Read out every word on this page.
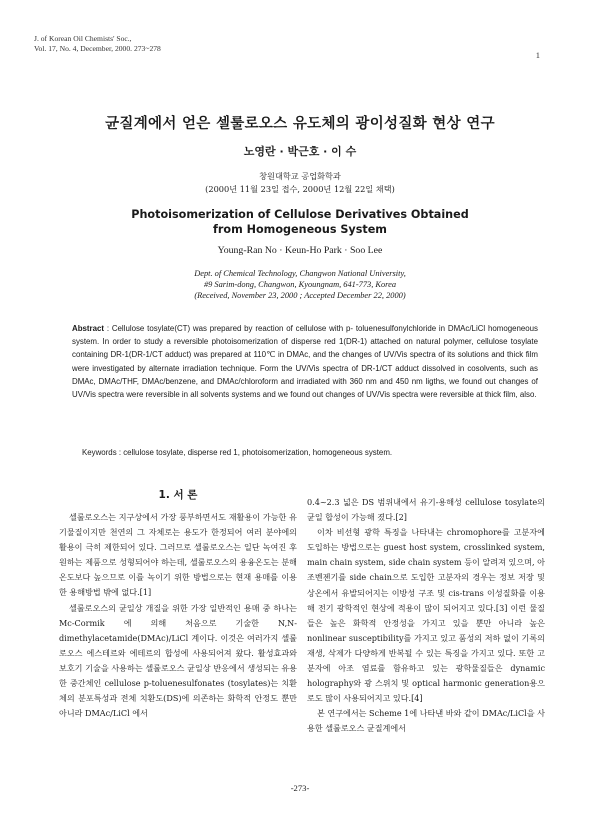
J. of Korean Oil Chemists' Soc.,
Vol. 17, No. 4, December, 2000. 273~278
1
균질계에서 얻은 셀룰로오스 유도체의 광이성질화 현상 연구
노영란 · 박근호 · 이 수
창원대학교 공업화학과
(2000년 11월 23일 접수, 2000년 12월 22일 채택)
Photoisomerization of Cellulose Derivatives Obtained
from Homogeneous System
Young-Ran No · Keun-Ho Park · Soo Lee
Dept. of Chemical Technology, Changwon National University,
#9 Sarim-dong, Changwon, Kyoungnam, 641-773, Korea
(Received, November 23, 2000 ; Accepted December 22, 2000)
Abstract : Cellulose tosylate(CT) was prepared by reaction of cellulose with p- toluenesulfonylchloride in DMAc/LiCl homogeneous system. In order to study a reversible photoisomerization of disperse red 1(DR-1) attached on natural polymer, cellulose tosylate containing DR-1(DR-1/CT adduct) was prepared at 110℃ in DMAc, and the changes of UV/Vis spectra of its solutions and thick film were investigated by alternate irradiation technique. Form the UV/Vis spectra of DR-1/CT adduct dissolved in cosolvents, such as DMAc, DMAc/THF, DMAc/benzene, and DMAc/chloroform and irradiated with 360 nm and 450 nm ligths, we found out changes of UV/Vis spectra were reversible in all solvents systems and we found out changes of UV/Vis spectra were reversible at thick film, also.
Keywords : cellulose tosylate, disperse red 1, photoisomerization, homogeneous system.
1. 서 론

셀룰로오스는 지구상에서 가장 풍부하면서도 재활용이 가능한 유기물질이지만 천연의 그 자체로는 용도가 한정되어 여러 분야에의 활용이 극히 제한되어 있다. 그러므로 셀룰로오스는 일단 녹여진 후 원하는 제품으로 성형되어야 하는데, 셀룰로오스의 용융온도는 분해온도보다 높으므로 이를 녹이기 위한 방법으로는 현재 용매를 이용한 용해방법 밖에 없다.[1]

셀룰로오스의 균일상 개질을 위한 가장 일반적인 용매 중 하나는 Mc-Cormik 에 의해 처음으로 기술한 N,N-dimethylacetamide(DMAc)/LiCl 계이다. 이것은 여러가지 셀룰로오스 에스테르와 에테르의 합성에 사용되어져 왔다. 활성효과와 보호기 기술을 사용하는 셀룰로오스 균일상 반응에서 생성되는 유용한 중간체인 cellulose p-toluenesulfonates (tosylates)는 치환체의 분포특성과 전체 치환도(DS)에 의존하는 화학적 안정도 뿐만 아니라 DMAc/LiCl 에서

0.4~2.3 넓은 DS 범위내에서 유기-용해성 cellulose tosylate의 균일 합성이 가능해 졌다.[2]

이차 비선형 광학 특징을 나타내는 chromophore를 고분자에 도입하는 방법으로는 guest host system, crosslinked system, main chain system, side chain system 등이 알려져 있으며, 아조벤젠기를 side chain으로 도입한 고분자의 경우는 정보 저장 및 상온에서 유발되어지는 이방성 구조 및 cis-trans 이성질화를 이용해 전기 광학적인 현상에 적용이 많이 되어지고 있다.[3] 이런 물질들은 높은 화학적 안정성을 가지고 있을 뿐만 아니라 높은 nonlinear susceptibility를 가지고 있고 품성의 저하 없이 기록의 재생, 삭제가 다양하게 반복될 수 있는 특징을 가지고 있다. 또한 고분자에 아조 염료를 함유하고 있는 광학물질들은 dynamic holography와 광 스위치 및 optical harmonic generation용으로도 많이 사용되어지고 있다.[4]

본 연구에서는 Scheme 1에 나타낸 바와 같이 DMAc/LiCl을 사용한 셀룰로오스 균질계에서

-273-
